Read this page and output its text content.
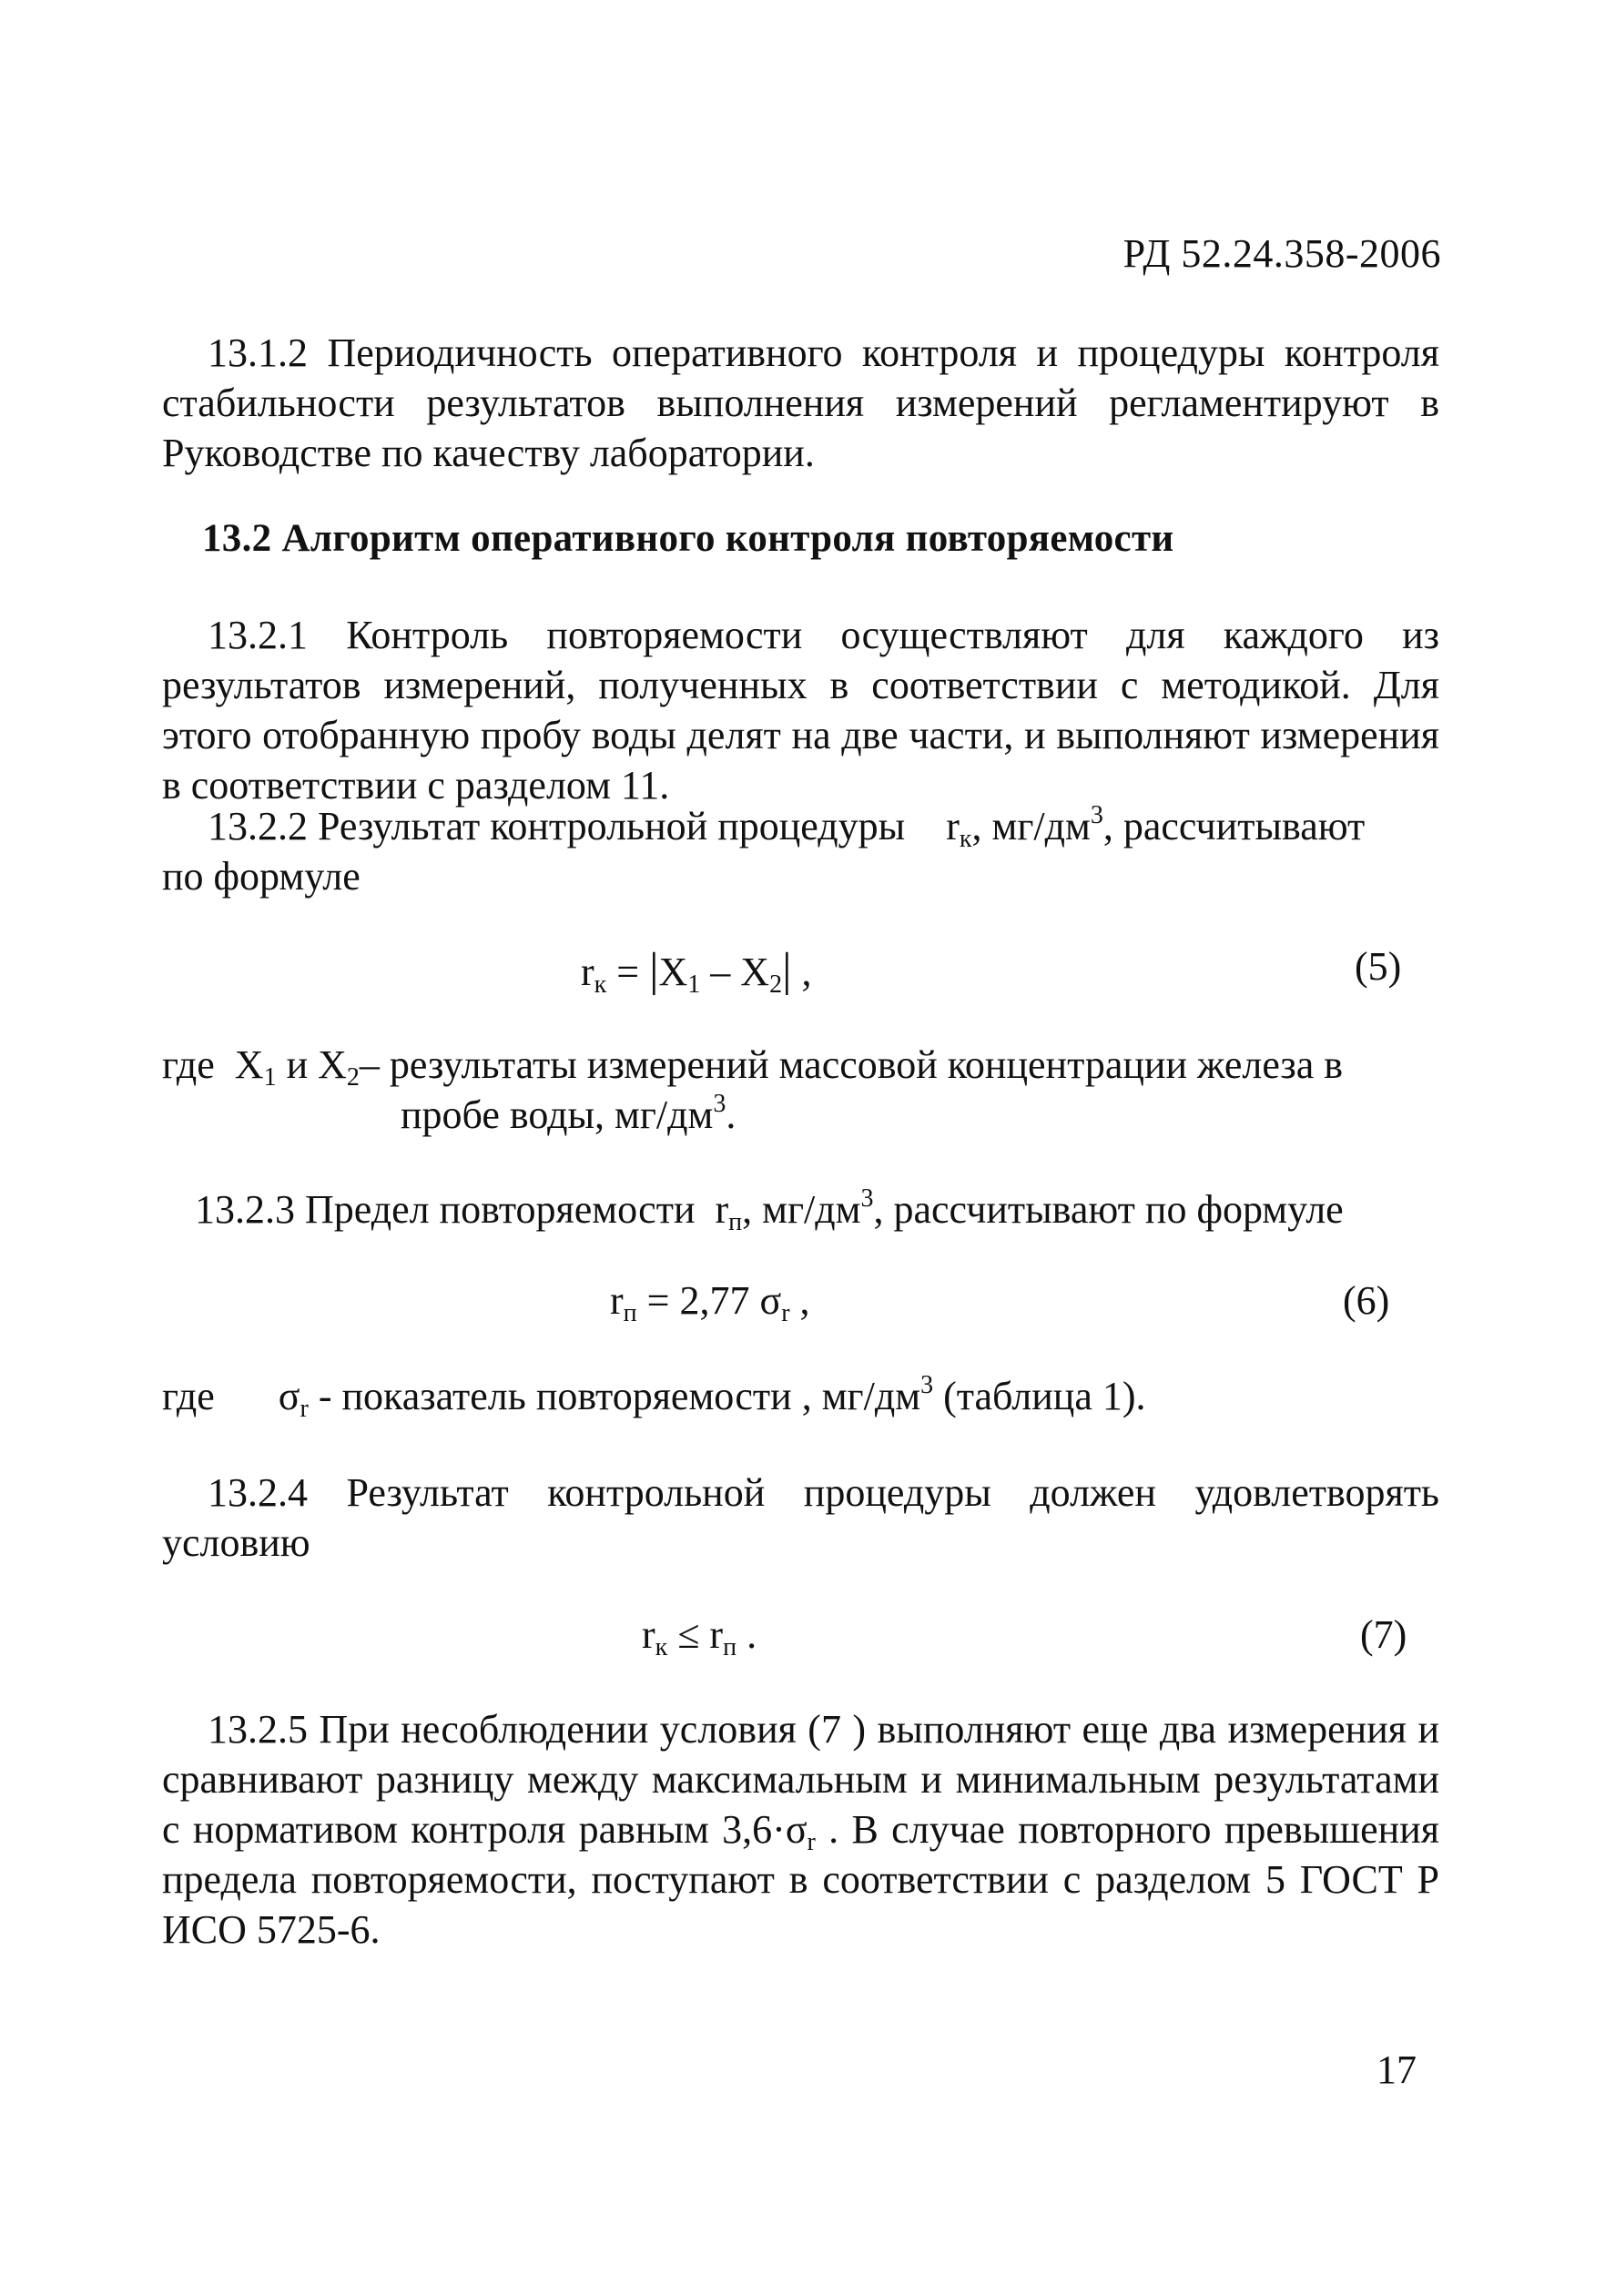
РД 52.24.358-2006
13.1.2 Периодичность оперативного контроля и процедуры контроля стабильности результатов выполнения измерений регламентируют в Руководстве по качеству лаборатории.
13.2 Алгоритм оперативного контроля повторяемости
13.2.1 Контроль повторяемости осуществляют для каждого из результатов измерений, полученных в соответствии с методикой. Для этого отобранную пробу воды делят на две части, и выполняют измерения в соответствии с разделом 11.
13.2.2 Результат контрольной процедуры $r_к$, $мг/дм^3$, рассчитывают
по формуле
$r_к = |X_1 - X_2|$ ,	(5)
где $X_1$ и $X_2-$ результаты измерений массовой концентрации железа в
пробе воды, $мг/дм^3$.
13.2.3 Предел повторяемости $r_п$, $мг/дм^3$, рассчитывают по формуле
$r_п = 2,77$ $\sigma_r$ ,	(6)
где $\sigma_r$ - показатель повторяемости , $мг/дм^3$ (таблица 1).
13.2.4 Результат контрольной процедуры должен удовлетворять условию
$r_к \le r_п$ .	(7)
13.2.5 При несоблюдении условия (7 ) выполняют еще два измерения и сравнивают разницу между максимальным и минимальным результатами с нормативом контроля равным $3,6\cdot\sigma_r$ . В случае повторного превышения предела повторяемости, поступают в соответствии с разделом 5 ГОСТ Р ИСО 5725-6.
17
